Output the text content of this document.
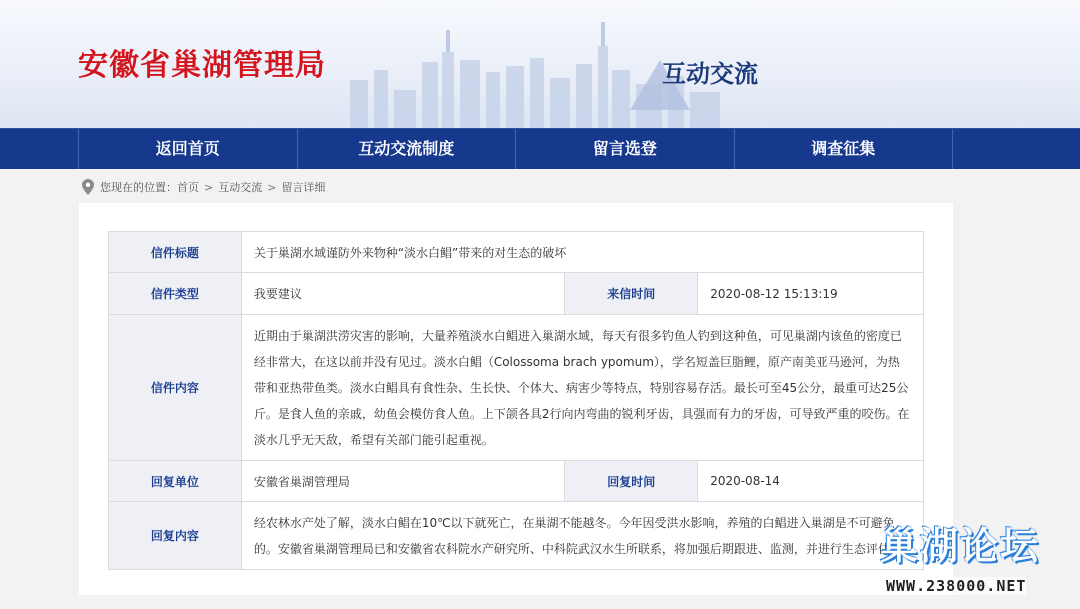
安徽省巢湖管理局	互动交流
返回首页	互动交流制度	留言选登	调查征集
您现在的位置： 首页 > 互动交流 > 留言详细
信件标题	关于巢湖水域谨防外来物种“淡水白鲳”带来的对生态的破坏		
信件类型	我要建议	来信时间	2020-08-12 15:13:19
信件内容	近期由于巢湖洪涝灾害的影响，大量养殖淡水白鲳进入巢湖水域，每天有很多钓鱼人钓到这种鱼，可见巢湖内该鱼的密度已经非常大，在这以前并没有见过。淡水白鲳（Colossoma brach ypomum），学名短盖巨脂鲤，原产南美亚马逊河，为热带和亚热带鱼类。淡水白鲳具有食性杂、生长快、个体大、病害少等特点，特别容易存活。最长可至45公分，最重可达25公斤。是食人鱼的亲戚，幼鱼会模仿食人鱼。上下颌各具2行向内弯曲的锐利牙齿，具强而有力的牙齿，可导致严重的咬伤。在淡水几乎无天敌，希望有关部门能引起重视。		
回复单位	安徽省巢湖管理局	回复时间	2020-08-14
回复内容	经农林水产处了解，淡水白鲳在10℃以下就死亡，在巢湖不能越冬。今年因受洪水影响，养殖的白鲳进入巢湖是不可避免的。安徽省巢湖管理局已和安徽省农科院水产研究所、中科院武汉水生所联系，将加强后期跟进、监测，并进行生态评估。		
巢湖论坛
WWW.238000.NET
